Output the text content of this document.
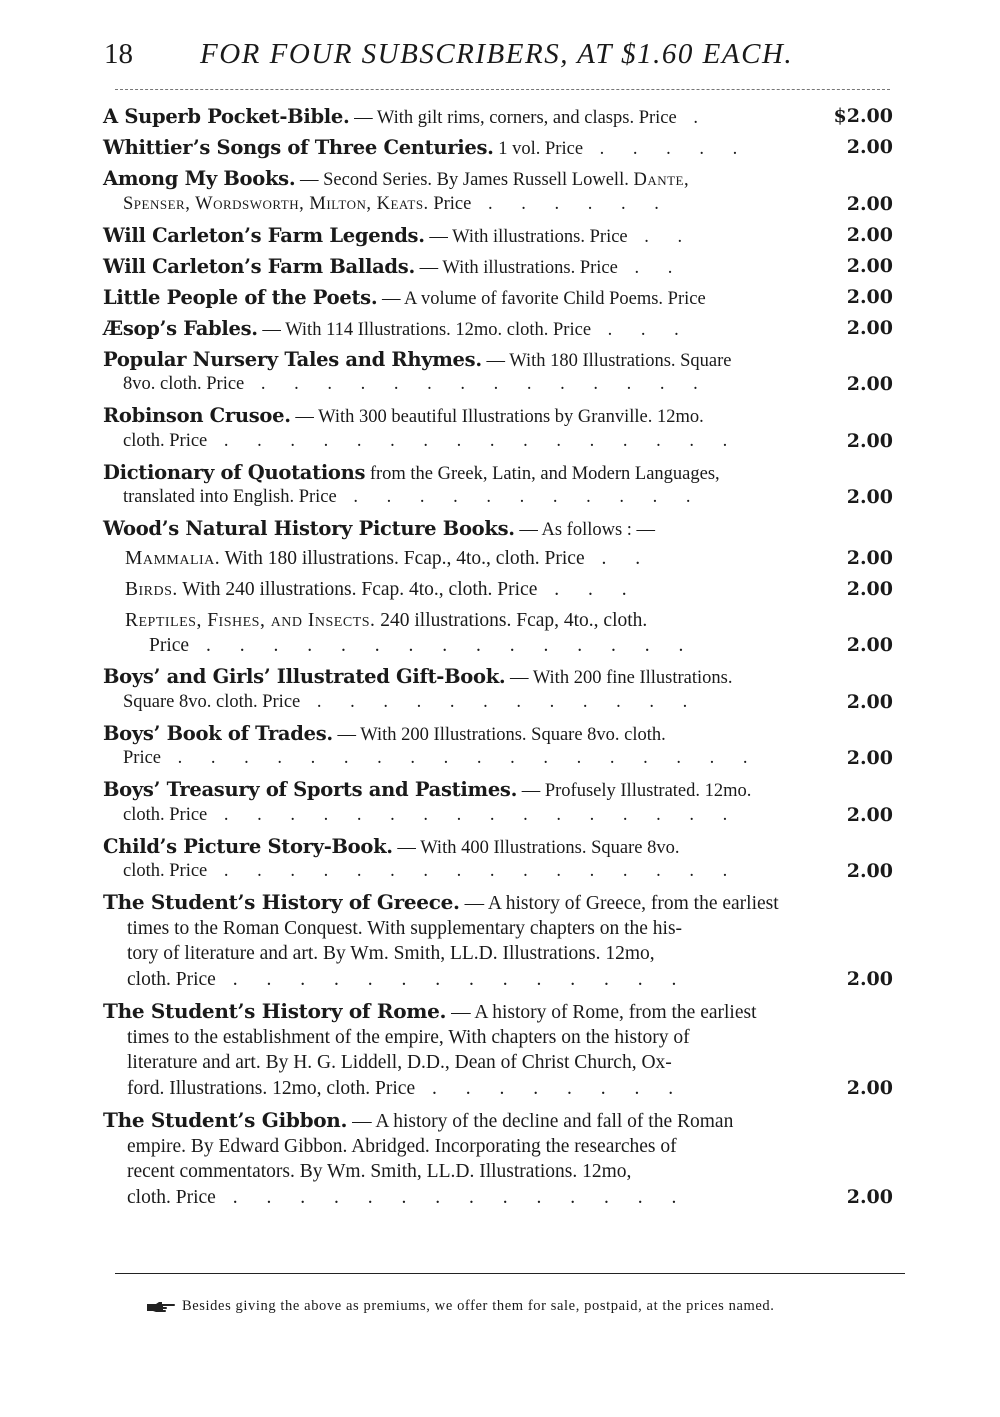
18 FOR FOUR SUBSCRIBERS, AT $1.60 EACH.
A Superb Pocket-Bible. — With gilt rims, corners, and clasps. Price .	$2.00
Whittier’s Songs of Three Centuries. 1 vol. Price . . . . .	2.00
Among My Books. — Second Series. By James Russell Lowell. Dante,
Spenser, Wordsworth, Milton, Keats. Price . . . . . .	2.00
Will Carleton’s Farm Legends. — With illustrations. Price . .	2.00
Will Carleton’s Farm Ballads. — With illustrations. Price . .	2.00
Little People of the Poets. — A volume of favorite Child Poems. Price	2.00
Æsop’s Fables. — With 114 Illustrations. 12mo. cloth. Price . . .	2.00
Popular Nursery Tales and Rhymes. — With 180 Illustrations. Square
8vo. cloth. Price . . . . . . . . . . . . . .	2.00
Robinson Crusoe. — With 300 beautiful Illustrations by Granville. 12mo.
cloth. Price . . . . . . . . . . . . . . . .	2.00
Dictionary of Quotations from the Greek, Latin, and Modern Languages,
translated into English. Price . . . . . . . . . . .	2.00
Wood’s Natural History Picture Books. — As follows : —
Mammalia. With 180 illustrations. Fcap., 4to., cloth. Price . .	2.00
Birds. With 240 illustrations. Fcap. 4to., cloth. Price . . .	2.00
Reptiles, Fishes, and Insects. 240 illustrations. Fcap, 4to., cloth.
Price . . . . . . . . . . . . . . .	2.00
Boys’ and Girls’ Illustrated Gift-Book. — With 200 fine Illustrations.
Square 8vo. cloth. Price . . . . . . . . . . . .	2.00
Boys’ Book of Trades. — With 200 Illustrations. Square 8vo. cloth.
Price . . . . . . . . . . . . . . . . . .	2.00
Boys’ Treasury of Sports and Pastimes. — Profusely Illustrated. 12mo.
cloth. Price . . . . . . . . . . . . . . . .	2.00
Child’s Picture Story-Book. — With 400 Illustrations. Square 8vo.
cloth. Price . . . . . . . . . . . . . . . .	2.00
The Student’s History of Greece. — A history of Greece, from the earliest
times to the Roman Conquest. With supplementary chapters on the his-
tory of literature and art. By Wm. Smith, LL.D. Illustrations. 12mo,
cloth. Price . . . . . . . . . . . . . .	2.00
The Student’s History of Rome. — A history of Rome, from the earliest
times to the establishment of the empire, With chapters on the history of
literature and art. By H. G. Liddell, D.D., Dean of Christ Church, Ox-
ford. Illustrations. 12mo, cloth. Price . . . . . . . .	2.00
The Student’s Gibbon. — A history of the decline and fall of the Roman
empire. By Edward Gibbon. Abridged. Incorporating the researches of
recent commentators. By Wm. Smith, LL.D. Illustrations. 12mo,
cloth. Price . . . . . . . . . . . . . .	2.00
Besides giving the above as premiums, we offer them for sale, postpaid, at the prices named.
